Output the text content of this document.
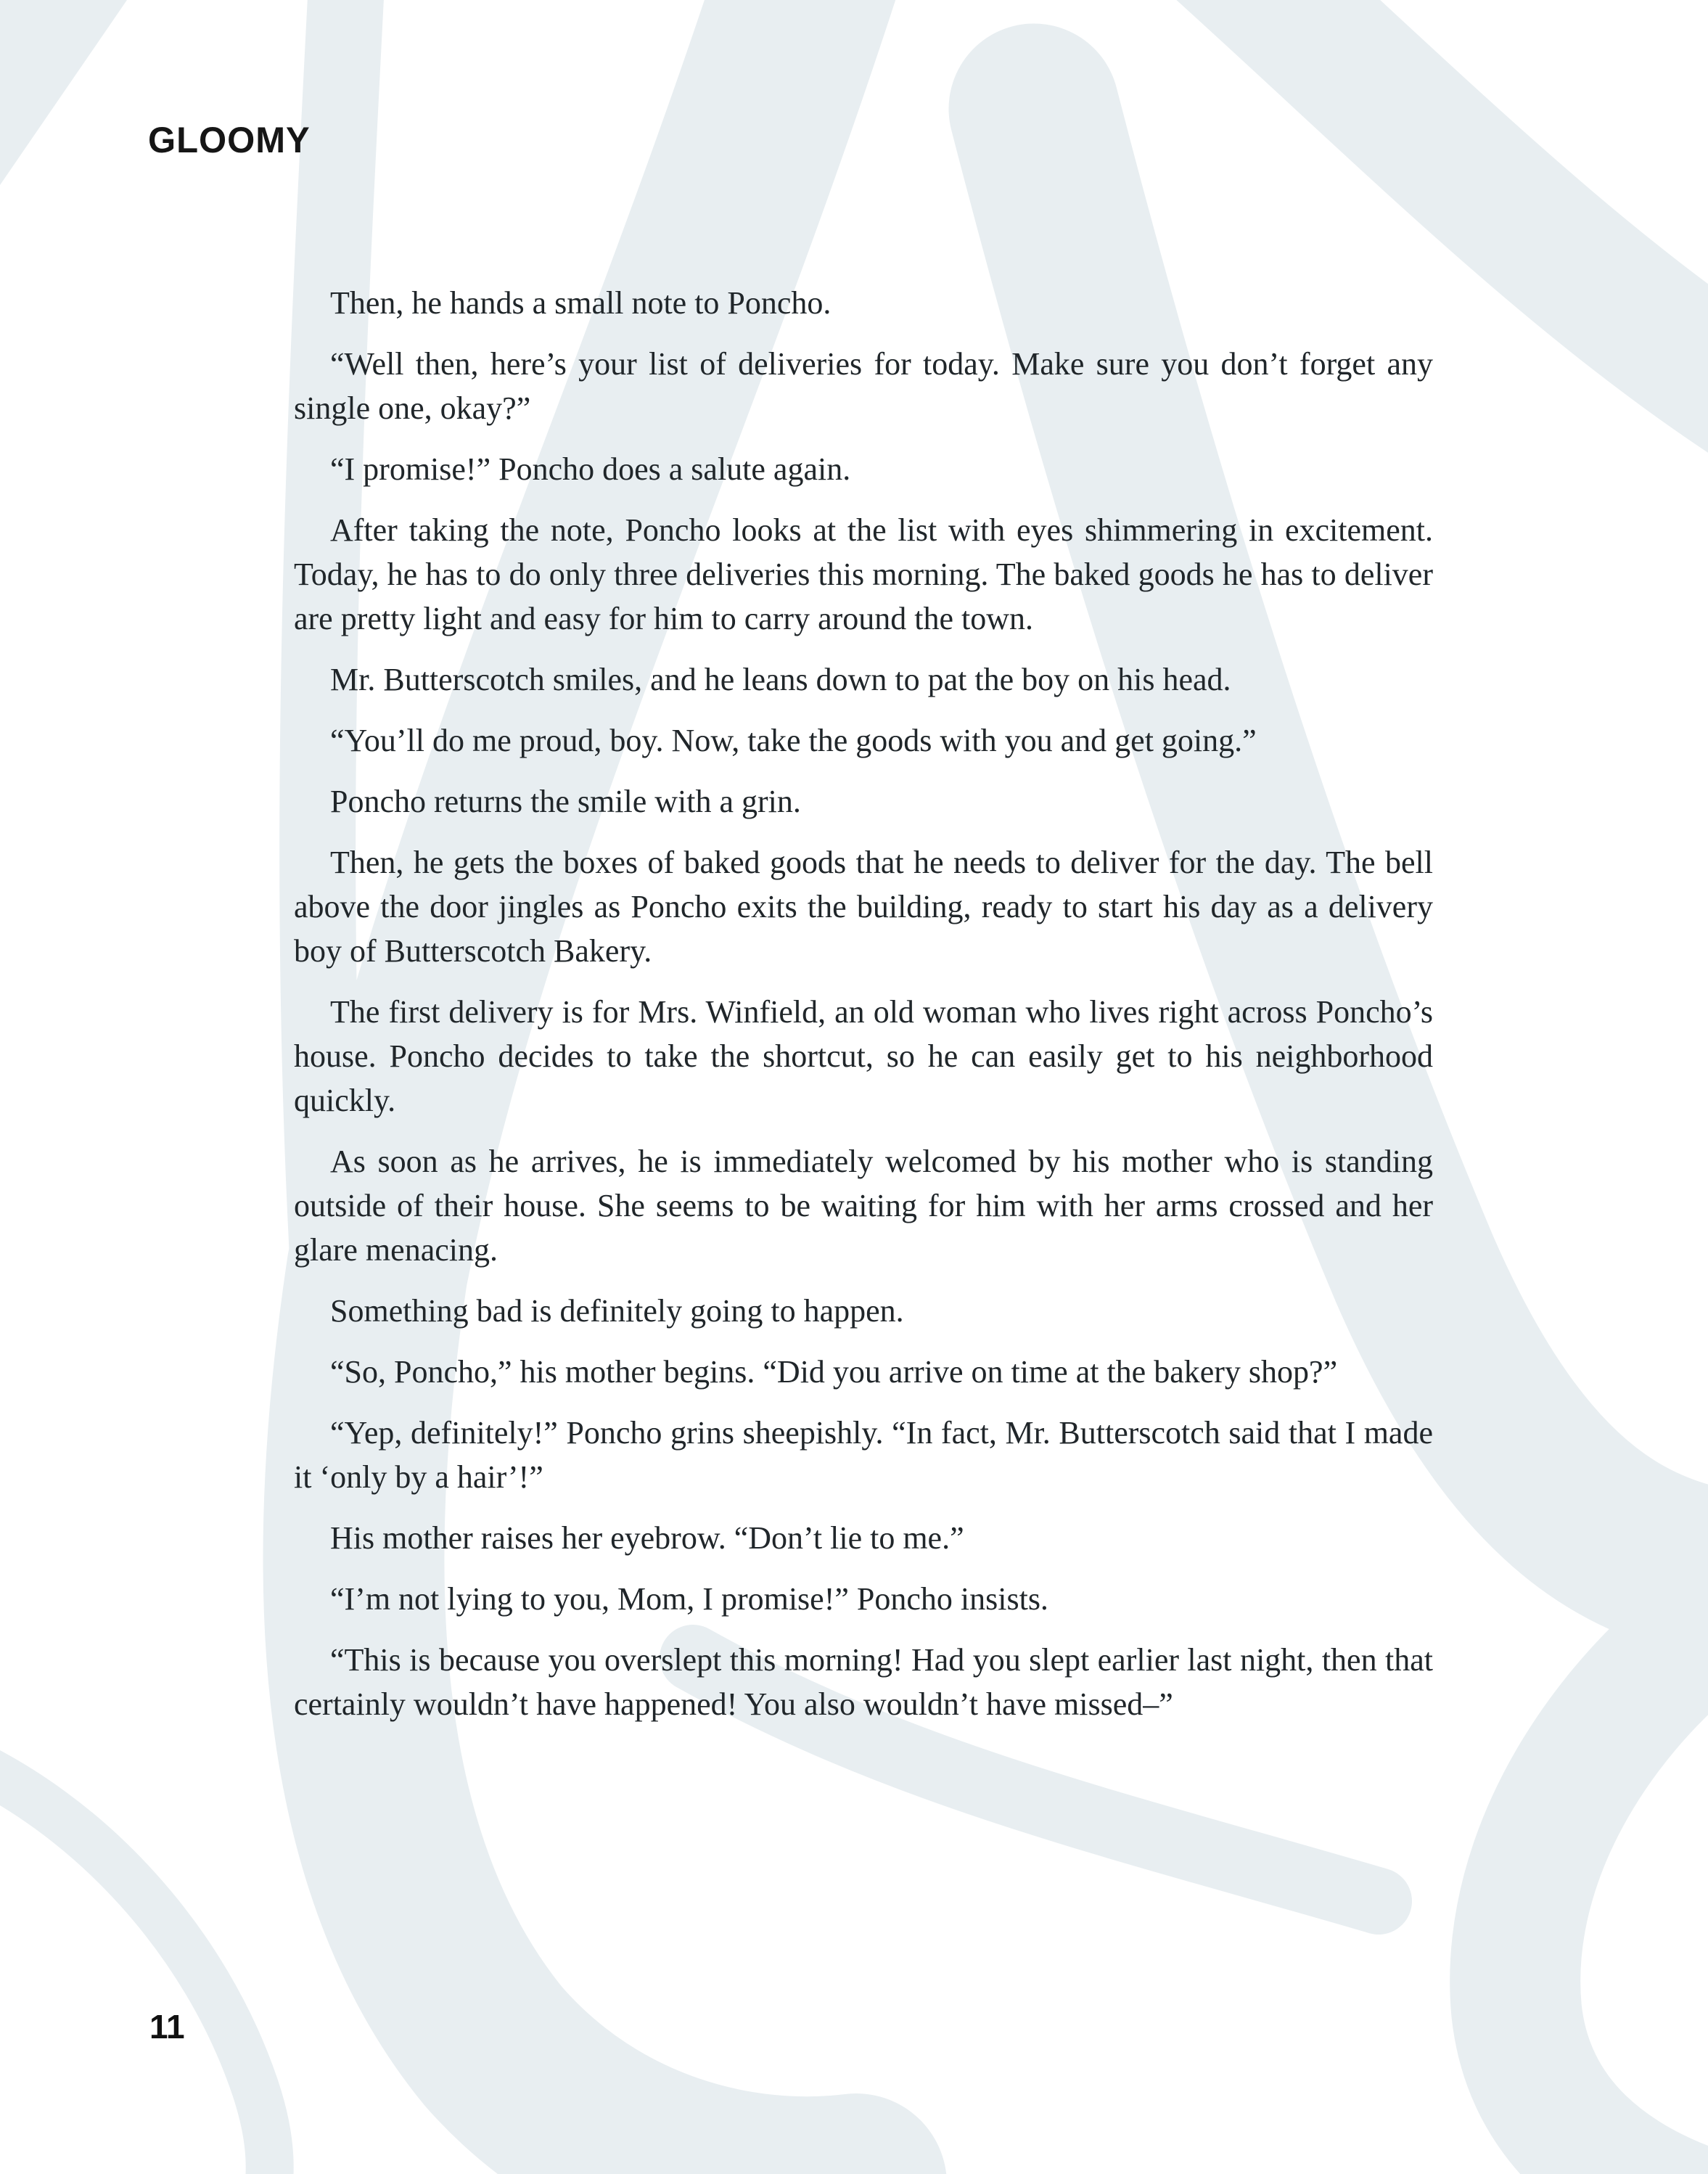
GLOOMY

Then, he hands a small note to Poncho.

“Well then, here’s your list of deliveries for today. Make sure you don’t forget any single one, okay?”

“I promise!” Poncho does a salute again.

After taking the note, Poncho looks at the list with eyes shimmering in excitement. Today, he has to do only three deliveries this morning. The baked goods he has to deliver are pretty light and easy for him to carry around the town.

Mr. Butterscotch smiles, and he leans down to pat the boy on his head.

“You’ll do me proud, boy. Now, take the goods with you and get going.”

Poncho returns the smile with a grin.

Then, he gets the boxes of baked goods that he needs to deliver for the day. The bell above the door jingles as Poncho exits the building, ready to start his day as a delivery boy of Butterscotch Bakery.

The first delivery is for Mrs. Winfield, an old woman who lives right across Poncho’s house. Poncho decides to take the shortcut, so he can easily get to his neighborhood quickly.

As soon as he arrives, he is immediately welcomed by his mother who is standing outside of their house. She seems to be waiting for him with her arms crossed and her glare menacing.

Something bad is definitely going to happen.

“So, Poncho,” his mother begins. “Did you arrive on time at the bakery shop?”

“Yep, definitely!” Poncho grins sheepishly. “In fact, Mr. Butterscotch said that I made it ‘only by a hair’!”

His mother raises her eyebrow. “Don’t lie to me.”

“I’m not lying to you, Mom, I promise!” Poncho insists.

“This is because you overslept this morning! Had you slept earlier last night, then that certainly wouldn’t have happened! You also wouldn’t have missed–”

11
